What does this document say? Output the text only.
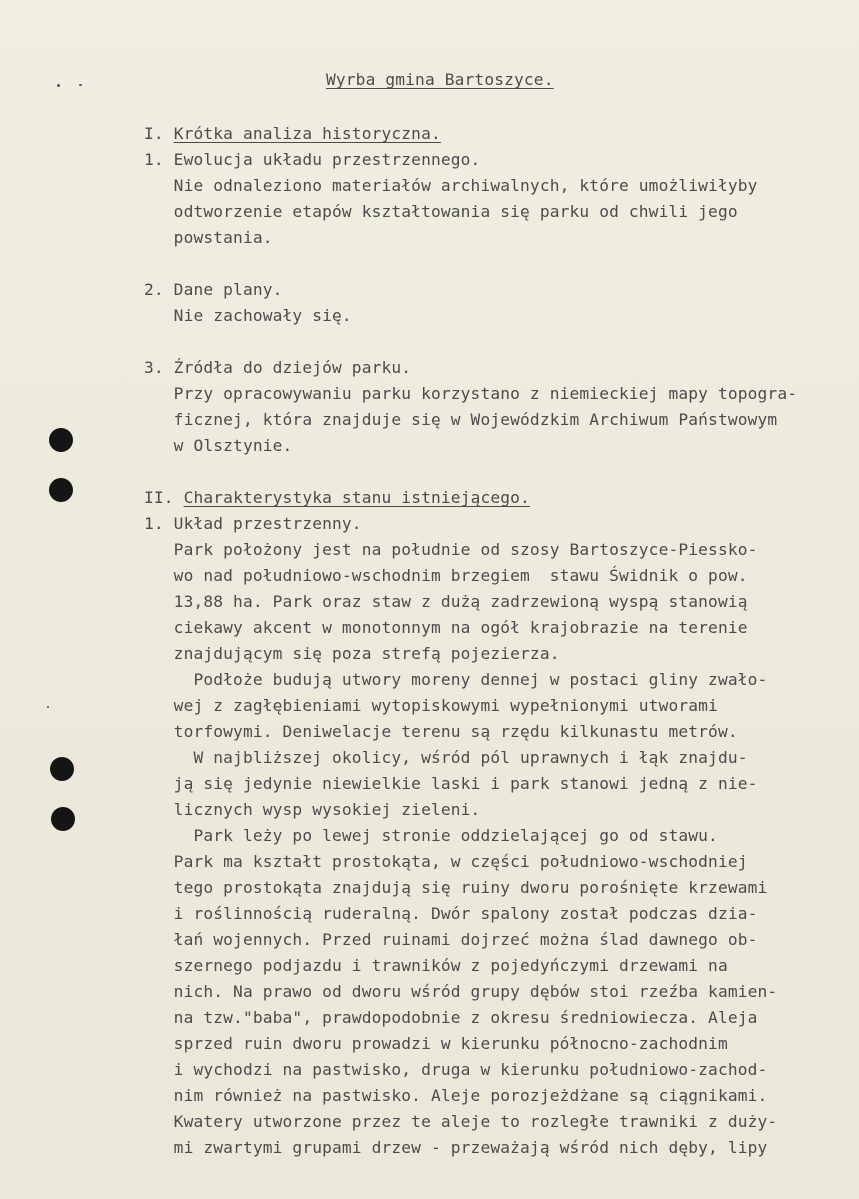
Wyrba gmina Bartoszyce.
I. Krótka analiza historyczna.
1. Ewolucja układu przestrzennego.
Nie odnaleziono materiałów archiwalnych, które umożliwiłyby
odtworzenie etapów kształtowania się parku od chwili jego
powstania.
2. Dane plany.
Nie zachowały się.
3. Źródła do dziejów parku.
Przy opracowywaniu parku korzystano z niemieckiej mapy topogra-
ficznej, która znajduje się w Wojewódzkim Archiwum Państwowym
w Olsztynie.
II. Charakterystyka stanu istniejącego.
1. Układ przestrzenny.
Park położony jest na południe od szosy Bartoszyce-Piessko-
wo nad południowo-wschodnim brzegiem  stawu Świdnik o pow.
13,88 ha. Park oraz staw z dużą zadrzewioną wyspą stanowią
ciekawy akcent w monotonnym na ogół krajobrazie na terenie
znajdującym się poza strefą pojezierza.
Podłoże budują utwory moreny dennej w postaci gliny zwało-
wej z zagłębieniami wytopiskowymi wypełnionymi utworami
torfowymi. Deniwelacje terenu są rzędu kilkunastu metrów.
W najbliższej okolicy, wśród pól uprawnych i łąk znajdu-
ją się jedynie niewielkie laski i park stanowi jedną z nie-
licznych wysp wysokiej zieleni.
Park leży po lewej stronie oddzielającej go od stawu.
Park ma kształt prostokąta, w części południowo-wschodniej
tego prostokąta znajdują się ruiny dworu porośnięte krzewami
i roślinnością ruderalną. Dwór spalony został podczas dzia-
łań wojennych. Przed ruinami dojrzeć można ślad dawnego ob-
szernego podjazdu i trawników z pojedyńczymi drzewami na
nich. Na prawo od dworu wśród grupy dębów stoi rzeźba kamien-
na tzw."baba", prawdopodobnie z okresu średniowiecza. Aleja
sprzed ruin dworu prowadzi w kierunku północno-zachodnim
i wychodzi na pastwisko, druga w kierunku południowo-zachod-
nim również na pastwisko. Aleje porozjeżdżane są ciągnikami.
Kwatery utworzone przez te aleje to rozległe trawniki z duży-
mi zwartymi grupami drzew - przeważają wśród nich dęby, lipy
